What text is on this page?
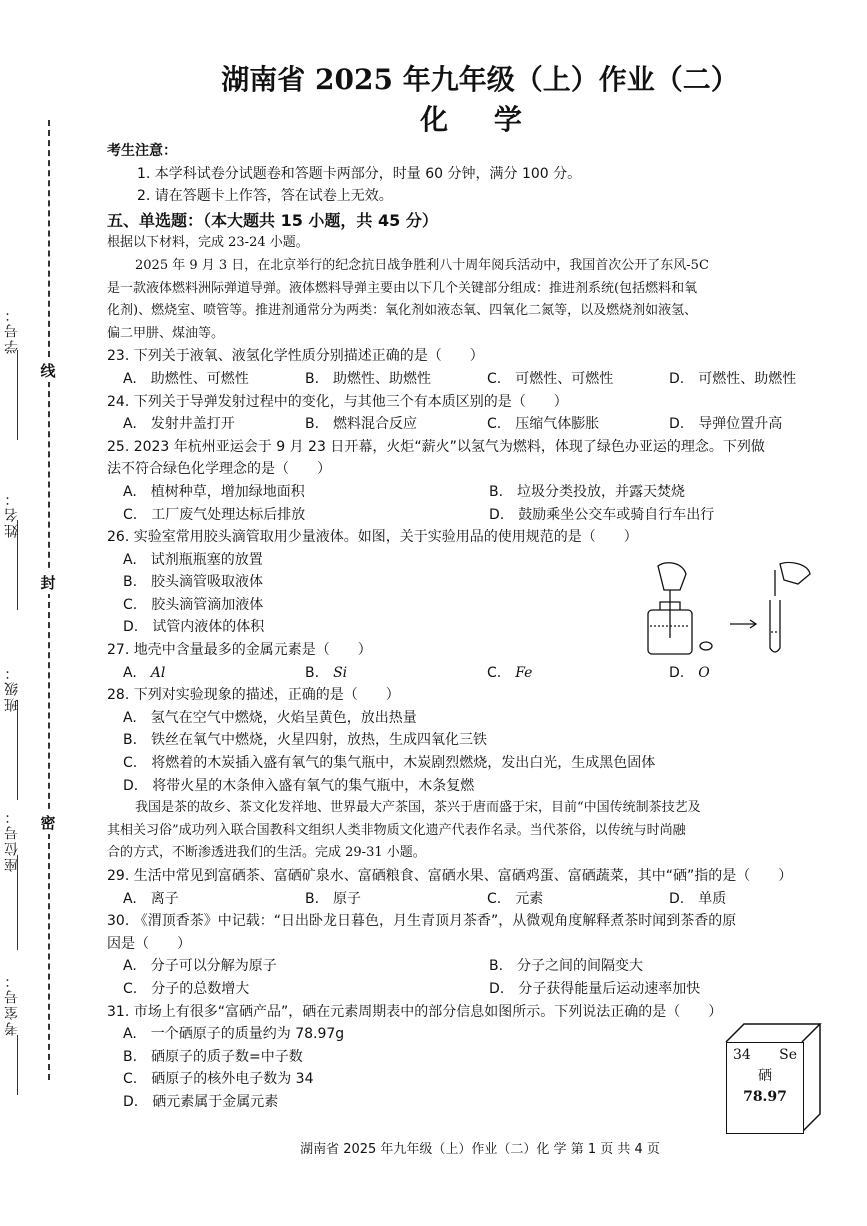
学号：
姓名：
班级：
座位号：
考室号：
线
封
密
湖南省 2025 年九年级（上）作业（二）
化 学

考生注意：

1. 本学科试卷分试题卷和答题卡两部分，时量 60 分钟，满分 100 分。

2. 请在答题卡上作答，答在试卷上无效。

五、单选题：（本大题共 15 小题，共 45 分）

根据以下材料，完成 23-24 小题。

2025 年 9 月 3 日，在北京举行的纪念抗日战争胜利八十周年阅兵活动中，我国首次公开了东风-5C

是一款液体燃料洲际弹道导弹。液体燃料导弹主要由以下几个关键部分组成：推进剂系统(包括燃料和氧

化剂)、燃烧室、喷管等。推进剂通常分为两类：氧化剂如液态氧、四氧化二氮等，以及燃烧剂如液氢、

偏二甲肼、煤油等。

23. 下列关于液氧、液氢化学性质分别描述正确的是（　　）

A.　助燃性、可燃性	B.　助燃性、助燃性	C.　可燃性、可燃性	D.　可燃性、助燃性

24. 下列关于导弹发射过程中的变化，与其他三个有本质区别的是（　　）

A.　发射井盖打开	B.　燃料混合反应	C.　压缩气体膨胀	D.　导弹位置升高

25. 2023 年杭州亚运会于 9 月 23 日开幕，火炬“薪火”以氢气为燃料，体现了绿色办亚运的理念。下列做

法不符合绿色化学理念的是（　　）

A.　植树种草，增加绿地面积	B.　垃圾分类投放，并露天焚烧

C.　工厂废气处理达标后排放	D.　鼓励乘坐公交车或骑自行车出行

26. 实验室常用胶头滴管取用少量液体。如图，关于实验用品的使用规范的是（　　）

A.　试剂瓶瓶塞的放置

B.　胶头滴管吸取液体

C.　胶头滴管滴加液体

D.　试管内液体的体积

27. 地壳中含量最多的金属元素是（　　）

A.　 Al	B.　 Si	C.　 Fe	D.　 O

28. 下列对实验现象的描述，正确的是（　　）

A.　氢气在空气中燃烧，火焰呈黄色，放出热量

B.　铁丝在氧气中燃烧，火星四射，放热，生成四氧化三铁

C.　将燃着的木炭插入盛有氧气的集气瓶中，木炭剧烈燃烧，发出白光，生成黑色固体

D.　将带火星的木条伸入盛有氧气的集气瓶中，木条复燃

我国是茶的故乡、茶文化发祥地、世界最大产茶国，茶兴于唐而盛于宋，目前“中国传统制茶技艺及

其相关习俗”成功列入联合国教科文组织人类非物质文化遗产代表作名录。当代茶俗，以传统与时尚融

合的方式，不断渗透进我们的生活。完成 29-31 小题。

29. 生活中常见到富硒茶、富硒矿泉水、富硒粮食、富硒水果、富硒鸡蛋、富硒蔬菜，其中“硒”指的是（　　）

A.　离子	B.　原子	C.　元素	D.　单质

30. 《渭顶香茶》中记载：“日出卧龙日暮色，月生青顶月茶香”，从微观角度解释煮茶时闻到茶香的原

因是（　　）

A.　分子可以分解为原子	B.　分子之间的间隔变大

C.　分子的总数增大	D.　分子获得能量后运动速率加快

31. 市场上有很多“富硒产品”，硒在元素周期表中的部分信息如图所示。下列说法正确的是（　　）

A.　一个硒原子的质量约为 78.97g

B.　硒原子的质子数=中子数

C.　硒原子的核外电子数为 34

D.　硒元素属于金属元素

34 Se
硒
78.97
湖南省 2025 年九年级（上）作业（二）化 学 第 1 页 共 4 页
